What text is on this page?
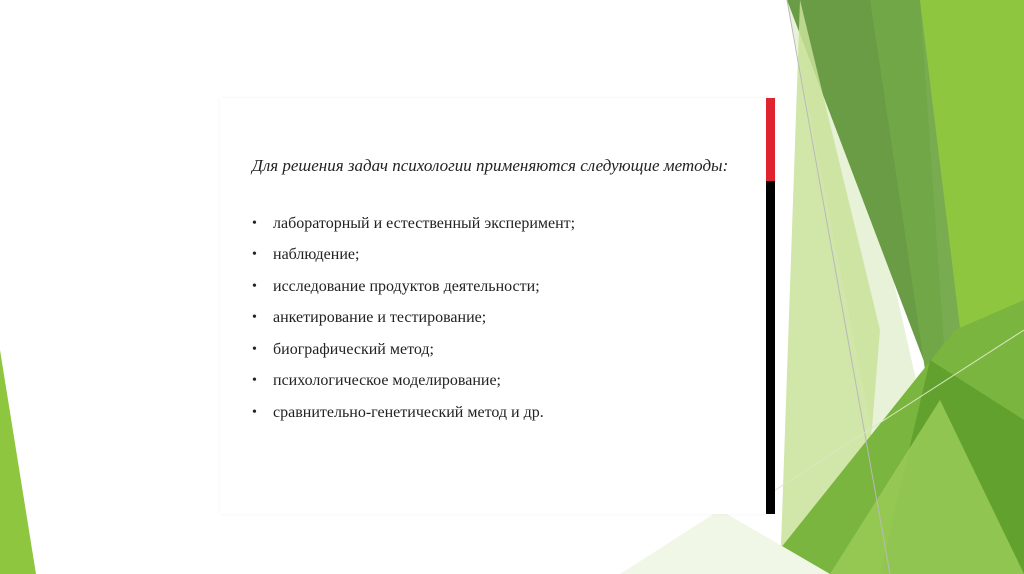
Для решения задач психологии применяются следующие методы:

•	лабораторный и естественный эксперимент;
•	наблюдение;
•	исследование продуктов деятельности;
•	анкетирование и тестирование;
•	биографический метод;
•	психологическое моделирование;
•	сравнительно-генетический метод и др.
